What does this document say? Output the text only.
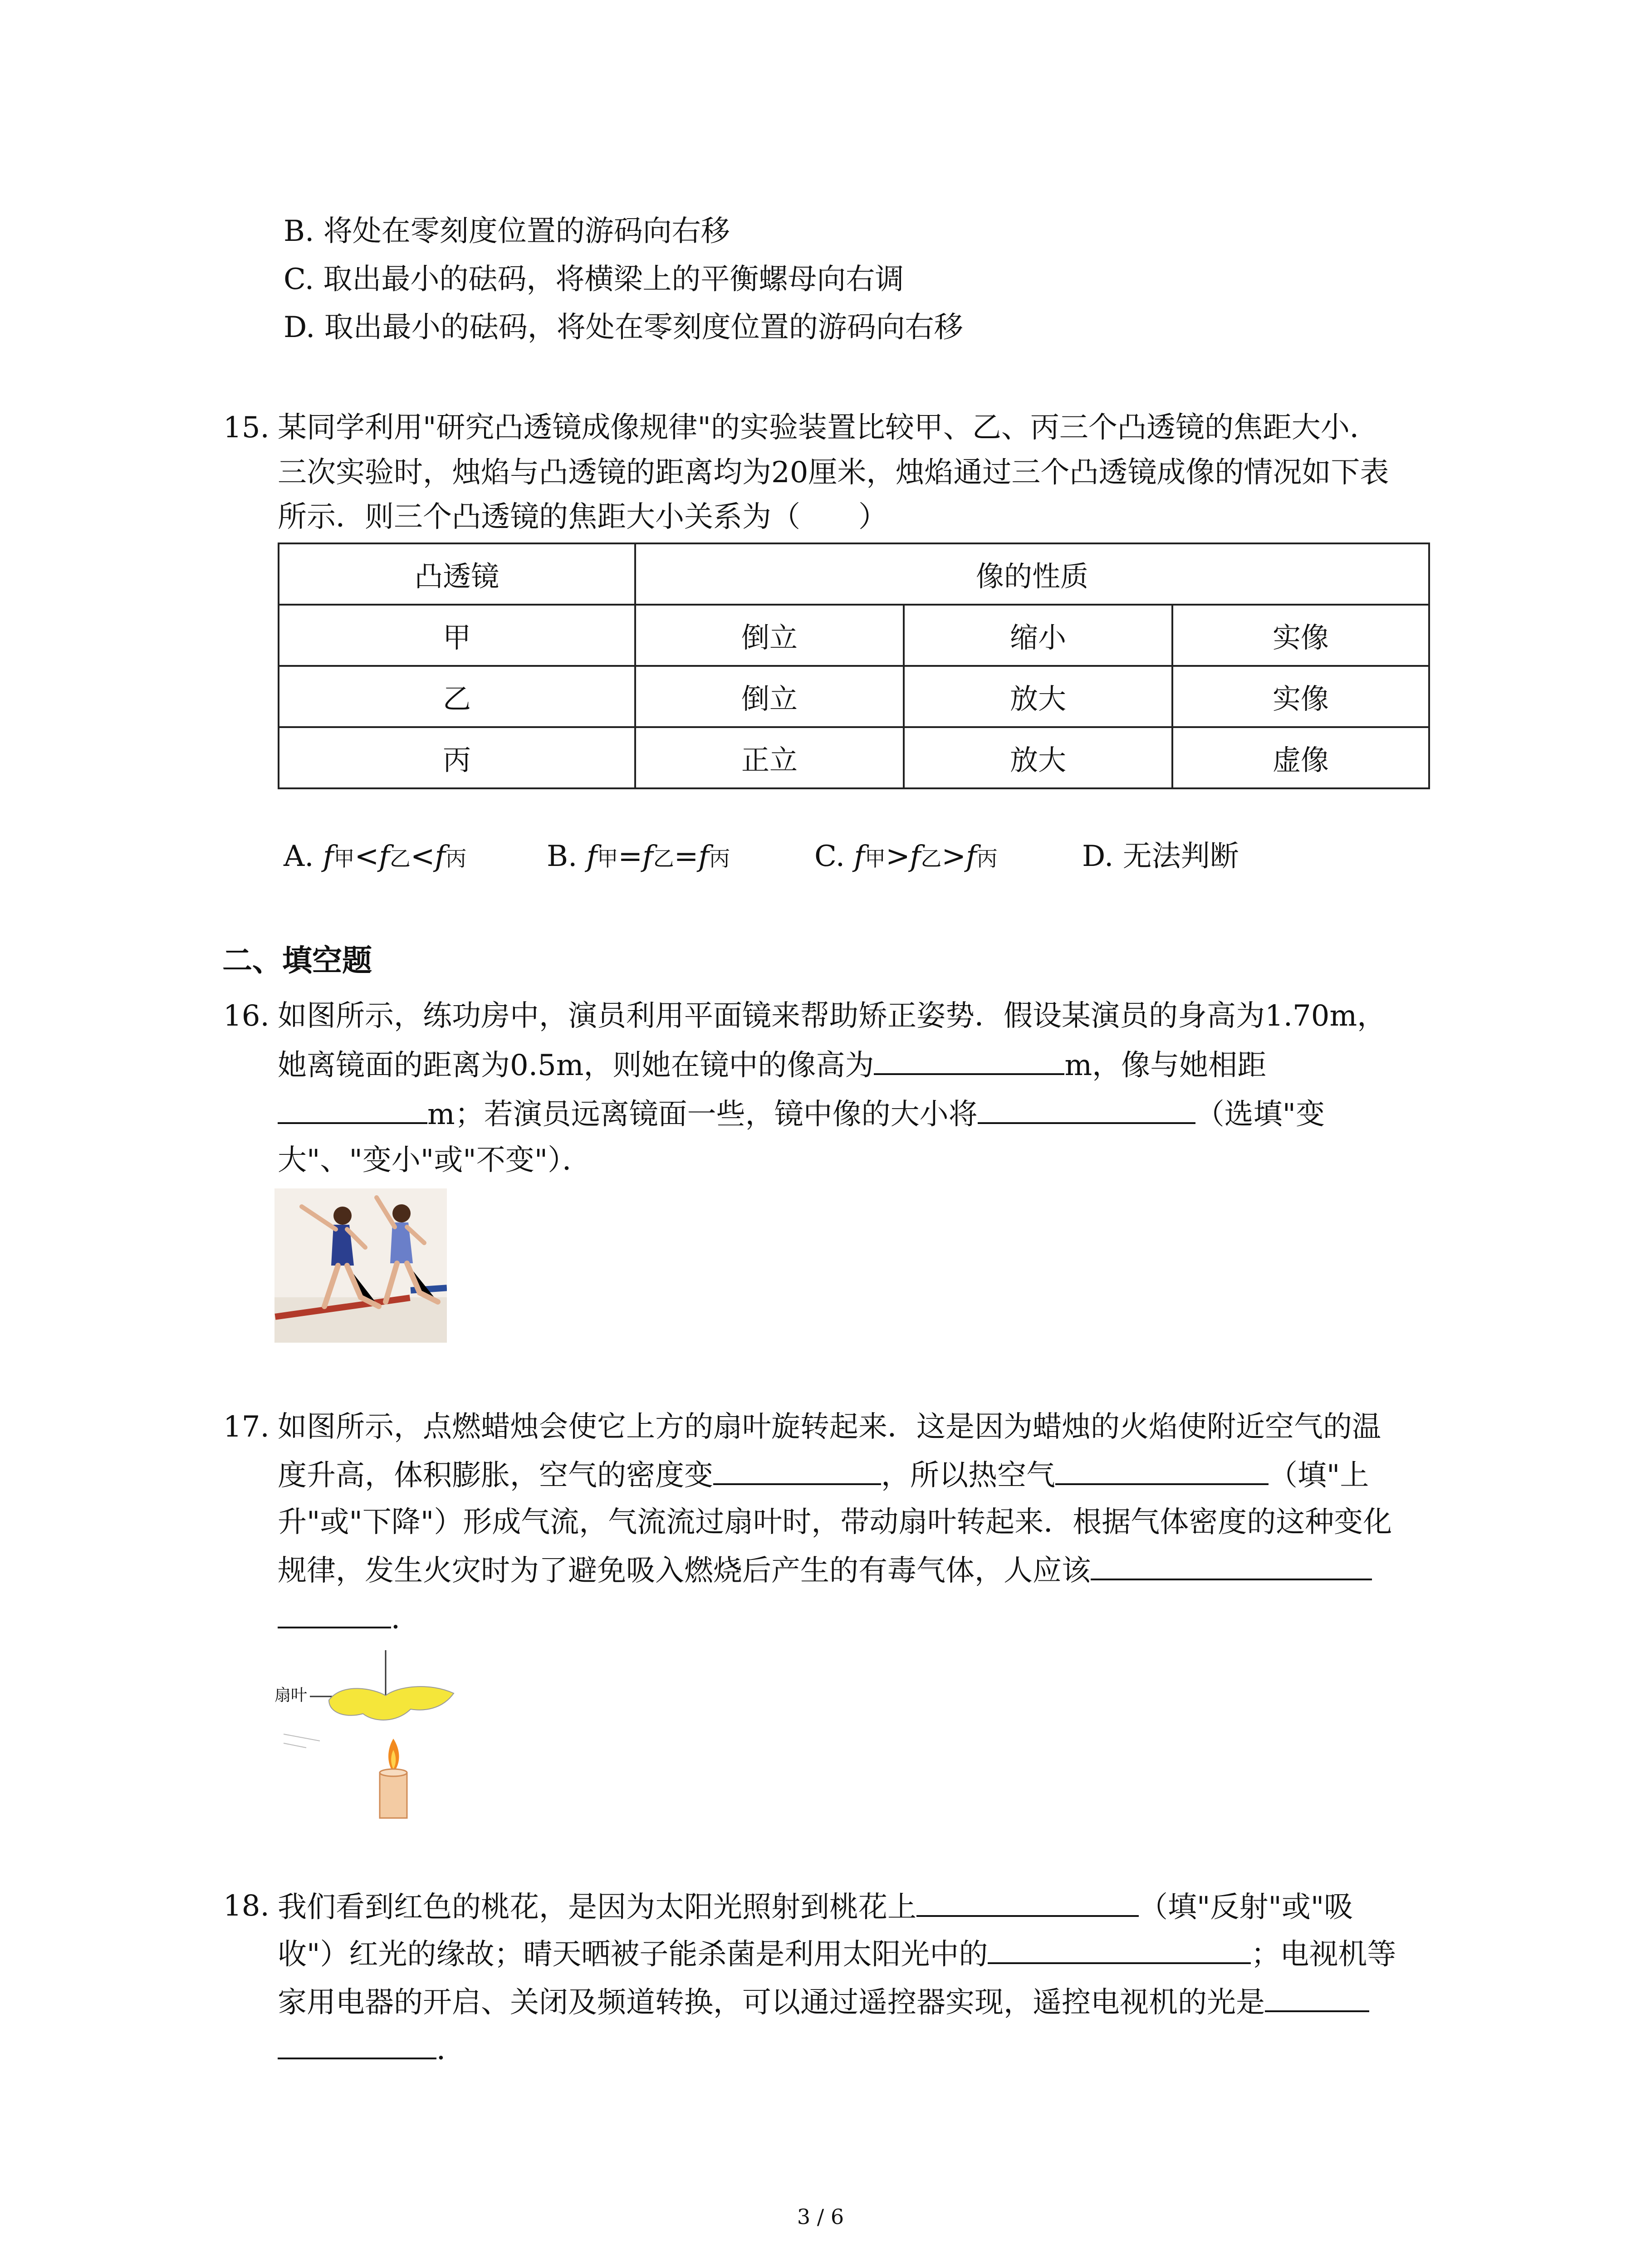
B. 将处在零刻度位置的游码向右移
C. 取出最小的砝码，将横梁上的平衡螺母向右调
D. 取出最小的砝码，将处在零刻度位置的游码向右移
15. 某同学利用"研究凸透镜成像规律"的实验装置比较甲、乙、丙三个凸透镜的焦距大小．
三次实验时，烛焰与凸透镜的距离均为20厘米，烛焰通过三个凸透镜成像的情况如下表
所示．则三个凸透镜的焦距大小关系为（　　）
凸透镜	像的性质		
甲	倒立	缩小	实像
乙	倒立	放大	实像
丙	正立	放大	虚像
A. f甲<f乙<f丙	B. f甲=f乙=f丙	C. f甲>f乙>f丙	D. 无法判断
二、填空题
16. 如图所示，练功房中，演员利用平面镜来帮助矫正姿势．假设某演员的身高为1.70m，
她离镜面的距离为0.5m，则她在镜中的像高为	m，像与她相距
m；若演员远离镜面一些，镜中像的大小将	（选填"变
大"、"变小"或"不变"）．
17. 如图所示，点燃蜡烛会使它上方的扇叶旋转起来．这是因为蜡烛的火焰使附近空气的温
度升高，体积膨胀，空气的密度变	，所以热空气	（填"上
升"或"下降"）形成气流，气流流过扇叶时，带动扇叶转起来．根据气体密度的这种变化
规律，发生火灾时为了避免吸入燃烧后产生的有毒气体，人应该
．
扇叶
18. 我们看到红色的桃花，是因为太阳光照射到桃花上	（填"反射"或"吸
收"）红光的缘故；晴天晒被子能杀菌是利用太阳光中的	；电视机等
家用电器的开启、关闭及频道转换，可以通过遥控器实现，遥控电视机的光是
．
3 / 6
